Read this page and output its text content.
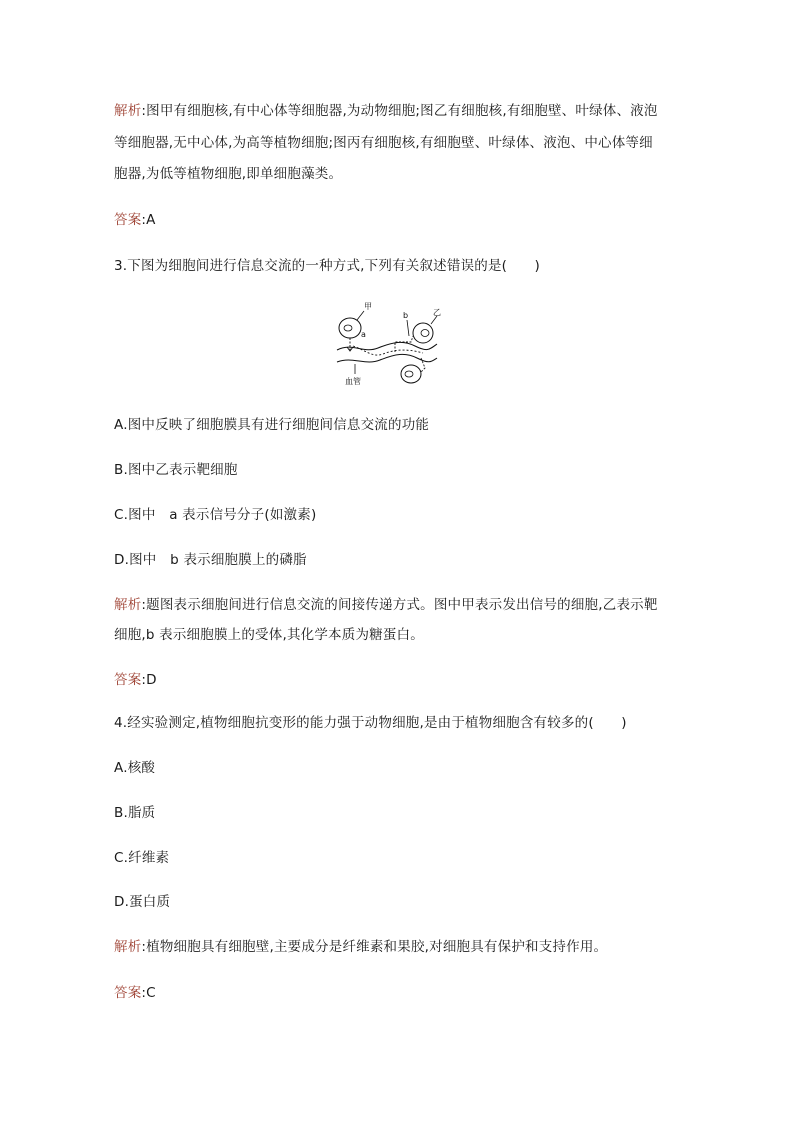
解析:图甲有细胞核,有中心体等细胞器,为动物细胞;图乙有细胞核,有细胞壁、叶绿体、液泡
等细胞器,无中心体,为高等植物细胞;图丙有细胞核,有细胞壁、叶绿体、液泡、中心体等细
胞器,为低等植物细胞,即单细胞藻类。
答案:A
3.下图为细胞间进行信息交流的一种方式,下列有关叙述错误的是(　　)
甲
a
b	乙
血管
A.图中反映了细胞膜具有进行细胞间信息交流的功能
B.图中乙表示靶细胞
C.图中　a 表示信号分子(如激素)
D.图中　b 表示细胞膜上的磷脂
解析:题图表示细胞间进行信息交流的间接传递方式。图中甲表示发出信号的细胞,乙表示靶
细胞,b 表示细胞膜上的受体,其化学本质为糖蛋白。
答案:D
4.经实验测定,植物细胞抗变形的能力强于动物细胞,是由于植物细胞含有较多的(　　)
A.核酸
B.脂质
C.纤维素
D.蛋白质
解析:植物细胞具有细胞壁,主要成分是纤维素和果胶,对细胞具有保护和支持作用。
答案:C
